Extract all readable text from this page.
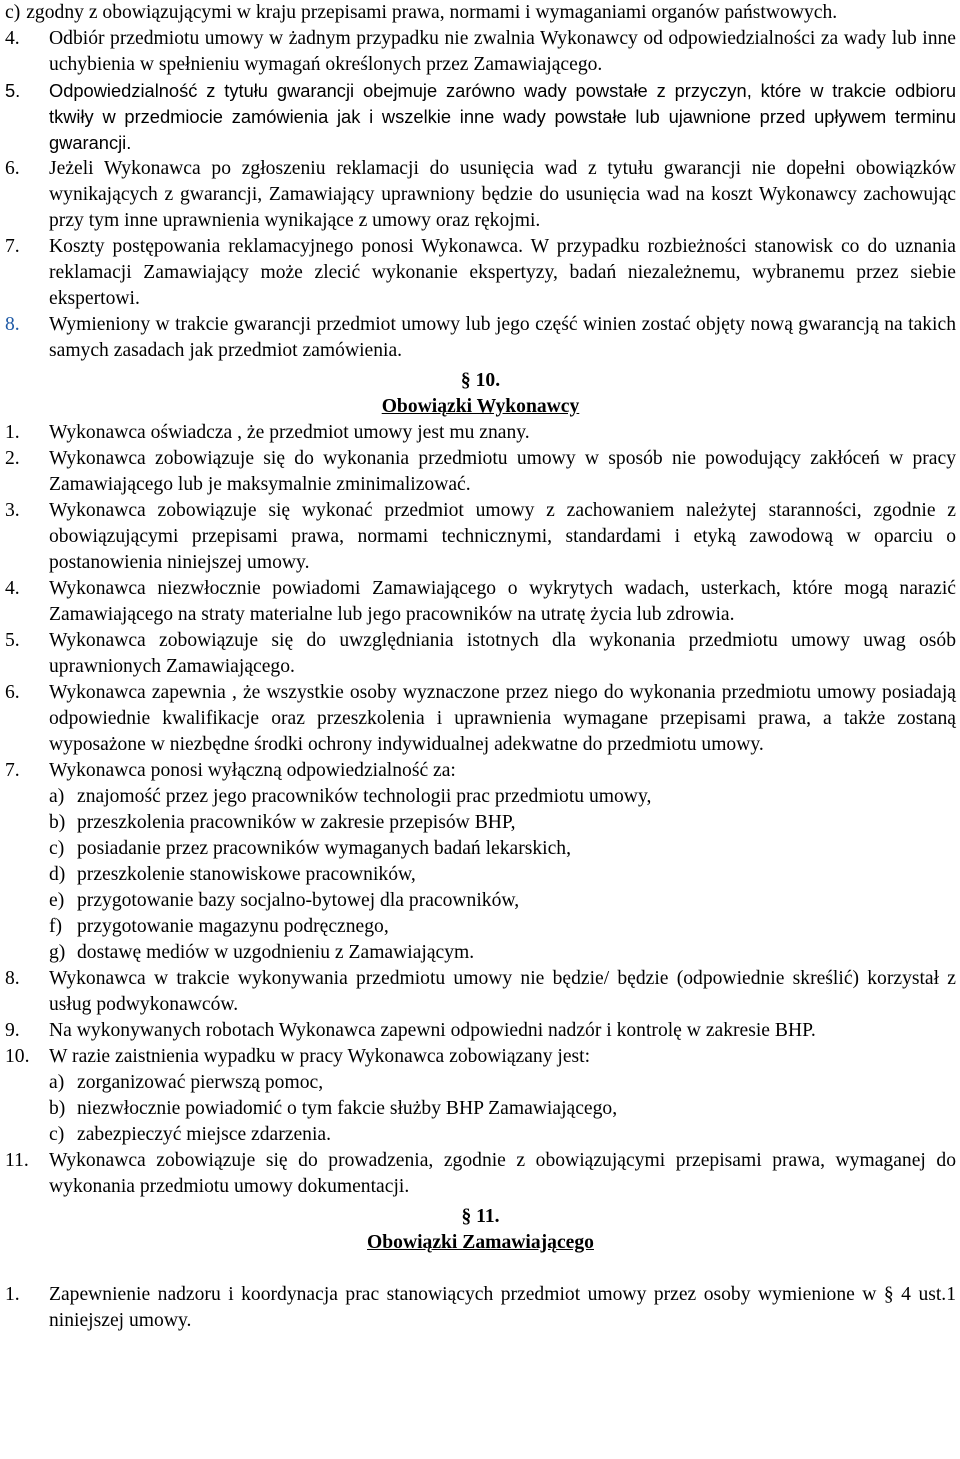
c) zgodny z obowiązującymi w kraju przepisami prawa, normami i wymaganiami organów państwowych.
4.	Odbiór przedmiotu umowy w żadnym przypadku nie zwalnia Wykonawcy od odpowiedzialności za wady lub inne uchybienia w spełnieniu wymagań określonych przez Zamawiającego.
5.	Odpowiedzialność z tytułu gwarancji obejmuje zarówno wady powstałe z przyczyn, które w trakcie odbioru tkwiły w przedmiocie zamówienia jak i wszelkie inne wady powstałe lub ujawnione przed upływem terminu gwarancji.
6.	Jeżeli Wykonawca po zgłoszeniu reklamacji do usunięcia wad z tytułu gwarancji nie dopełni obowiązków wynikających z gwarancji, Zamawiający uprawniony będzie do usunięcia wad na koszt Wykonawcy zachowując przy tym inne uprawnienia wynikające z umowy oraz rękojmi.
7.	Koszty postępowania reklamacyjnego ponosi Wykonawca. W przypadku rozbieżności stanowisk co do uznania reklamacji Zamawiający może zlecić wykonanie ekspertyzy, badań niezależnemu, wybranemu przez siebie ekspertowi.
8.	Wymieniony w trakcie gwarancji przedmiot umowy lub jego część winien zostać objęty nową gwarancją na takich samych zasadach jak przedmiot zamówienia.
§ 10.
Obowiązki Wykonawcy
1.	Wykonawca oświadcza , że przedmiot umowy jest mu znany.
2.	Wykonawca zobowiązuje się do wykonania przedmiotu umowy w sposób nie powodujący zakłóceń w pracy Zamawiającego lub je maksymalnie zminimalizować.
3.	Wykonawca zobowiązuje się wykonać przedmiot umowy z zachowaniem należytej staranności, zgodnie z obowiązującymi przepisami prawa, normami technicznymi, standardami i etyką zawodową w oparciu o postanowienia niniejszej umowy.
4.	Wykonawca niezwłocznie powiadomi Zamawiającego o wykrytych wadach, usterkach, które mogą narazić Zamawiającego na straty materialne lub jego pracowników na utratę życia lub zdrowia.
5.	Wykonawca zobowiązuje się do uwzględniania istotnych dla wykonania przedmiotu umowy uwag osób uprawnionych Zamawiającego.
6.	Wykonawca zapewnia , że wszystkie osoby wyznaczone przez niego do wykonania przedmiotu umowy posiadają odpowiednie kwalifikacje oraz przeszkolenia i uprawnienia wymagane przepisami prawa, a także zostaną wyposażone w niezbędne środki ochrony indywidualnej adekwatne do przedmiotu umowy.
7.	Wykonawca ponosi wyłączną odpowiedzialność za:
a) znajomość przez jego pracowników technologii prac przedmiotu umowy,
b) przeszkolenia pracowników w zakresie przepisów BHP,
c) posiadanie przez pracowników wymaganych badań lekarskich,
d) przeszkolenie stanowiskowe pracowników,
e) przygotowanie bazy socjalno-bytowej dla pracowników,
f) przygotowanie magazynu podręcznego,
g) dostawę mediów w uzgodnieniu z Zamawiającym.
8.	Wykonawca w trakcie wykonywania przedmiotu umowy nie będzie/ będzie (odpowiednie skreślić) korzystał z usług podwykonawców.
9.	Na wykonywanych robotach Wykonawca zapewni odpowiedni nadzór i kontrolę w zakresie BHP.
10. W razie zaistnienia wypadku w pracy Wykonawca zobowiązany jest:
a) zorganizować pierwszą pomoc,
b) niezwłocznie powiadomić o tym fakcie służby BHP Zamawiającego,
c) zabezpieczyć miejsce zdarzenia.
11.	Wykonawca zobowiązuje się do prowadzenia, zgodnie z obowiązującymi przepisami prawa, wymaganej do wykonania przedmiotu umowy dokumentacji.
§ 11.
Obowiązki Zamawiającego
1.	Zapewnienie nadzoru i koordynacja prac stanowiących przedmiot umowy przez osoby wymienione w § 4 ust.1 niniejszej umowy.
